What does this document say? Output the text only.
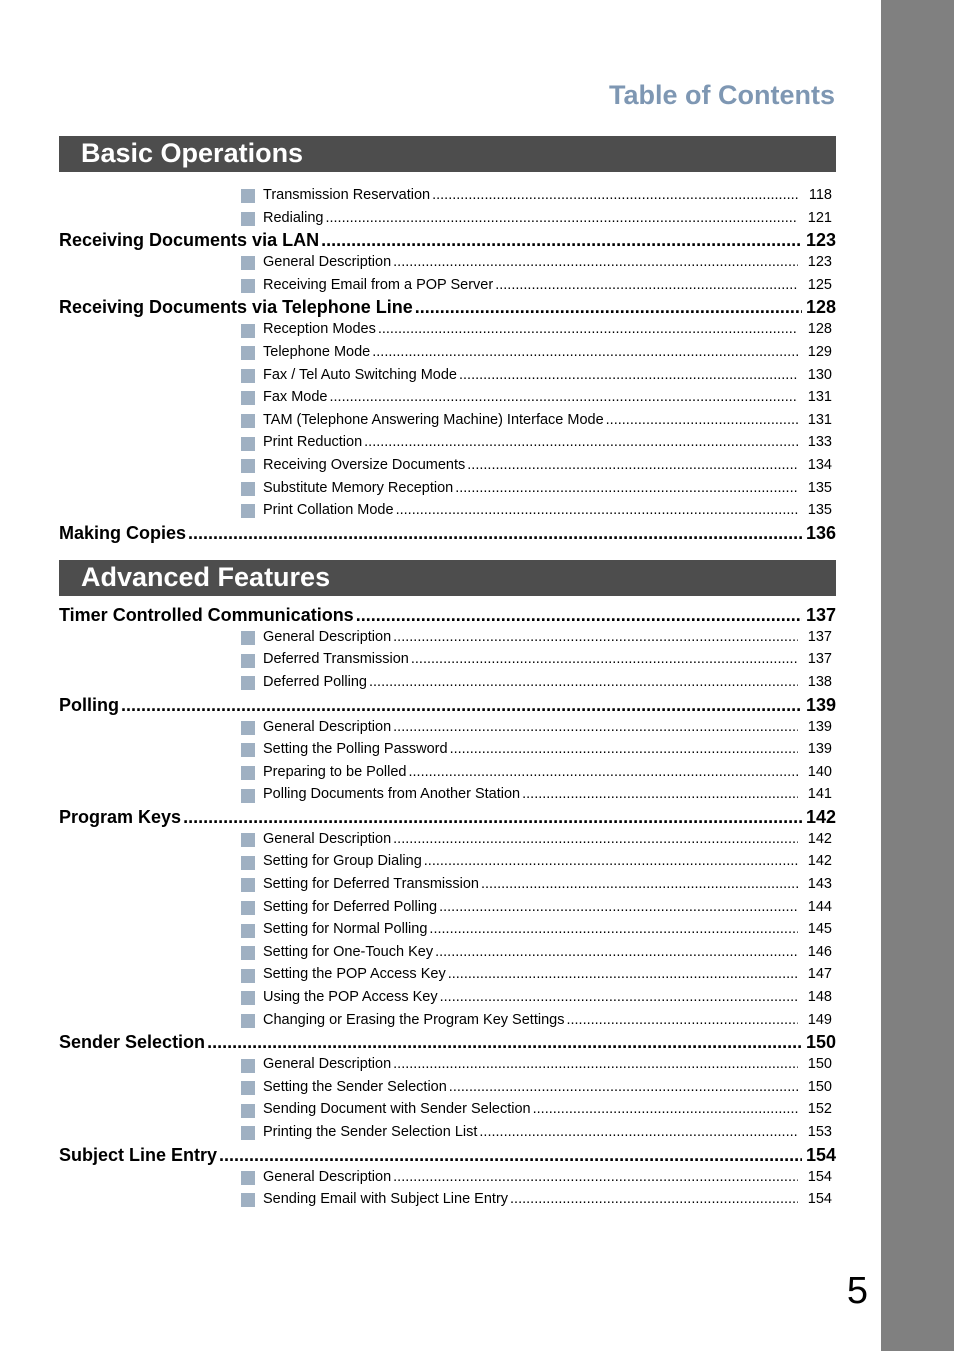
Table of Contents
Basic Operations
Transmission Reservation .....	118
Redialing .....	121
Receiving Documents via LAN .....	123
General Description .....	123
Receiving Email from a POP Server .....	125
Receiving Documents via Telephone Line .....	128
Reception Modes .....	128
Telephone Mode .....	129
Fax / Tel Auto Switching Mode .....	130
Fax Mode .....	131
TAM (Telephone Answering Machine) Interface Mode .....	131
Print Reduction .....	133
Receiving Oversize Documents .....	134
Substitute Memory Reception .....	135
Print Collation Mode .....	135
Making Copies .....	136
Advanced Features
Timer Controlled Communications .....	137
General Description .....	137
Deferred Transmission .....	137
Deferred Polling .....	138
Polling .....	139
General Description .....	139
Setting the Polling Password .....	139
Preparing to be Polled .....	140
Polling Documents from Another Station .....	141
Program Keys .....	142
General Description .....	142
Setting for Group Dialing .....	142
Setting for Deferred Transmission .....	143
Setting for Deferred Polling .....	144
Setting for Normal Polling .....	145
Setting for One-Touch Key .....	146
Setting the POP Access Key .....	147
Using the POP Access Key .....	148
Changing or Erasing the Program Key Settings .....	149
Sender Selection .....	150
General Description .....	150
Setting the Sender Selection .....	150
Sending Document with Sender Selection .....	152
Printing the Sender Selection List .....	153
Subject Line Entry .....	154
General Description .....	154
Sending Email with Subject Line Entry .....	154
5
